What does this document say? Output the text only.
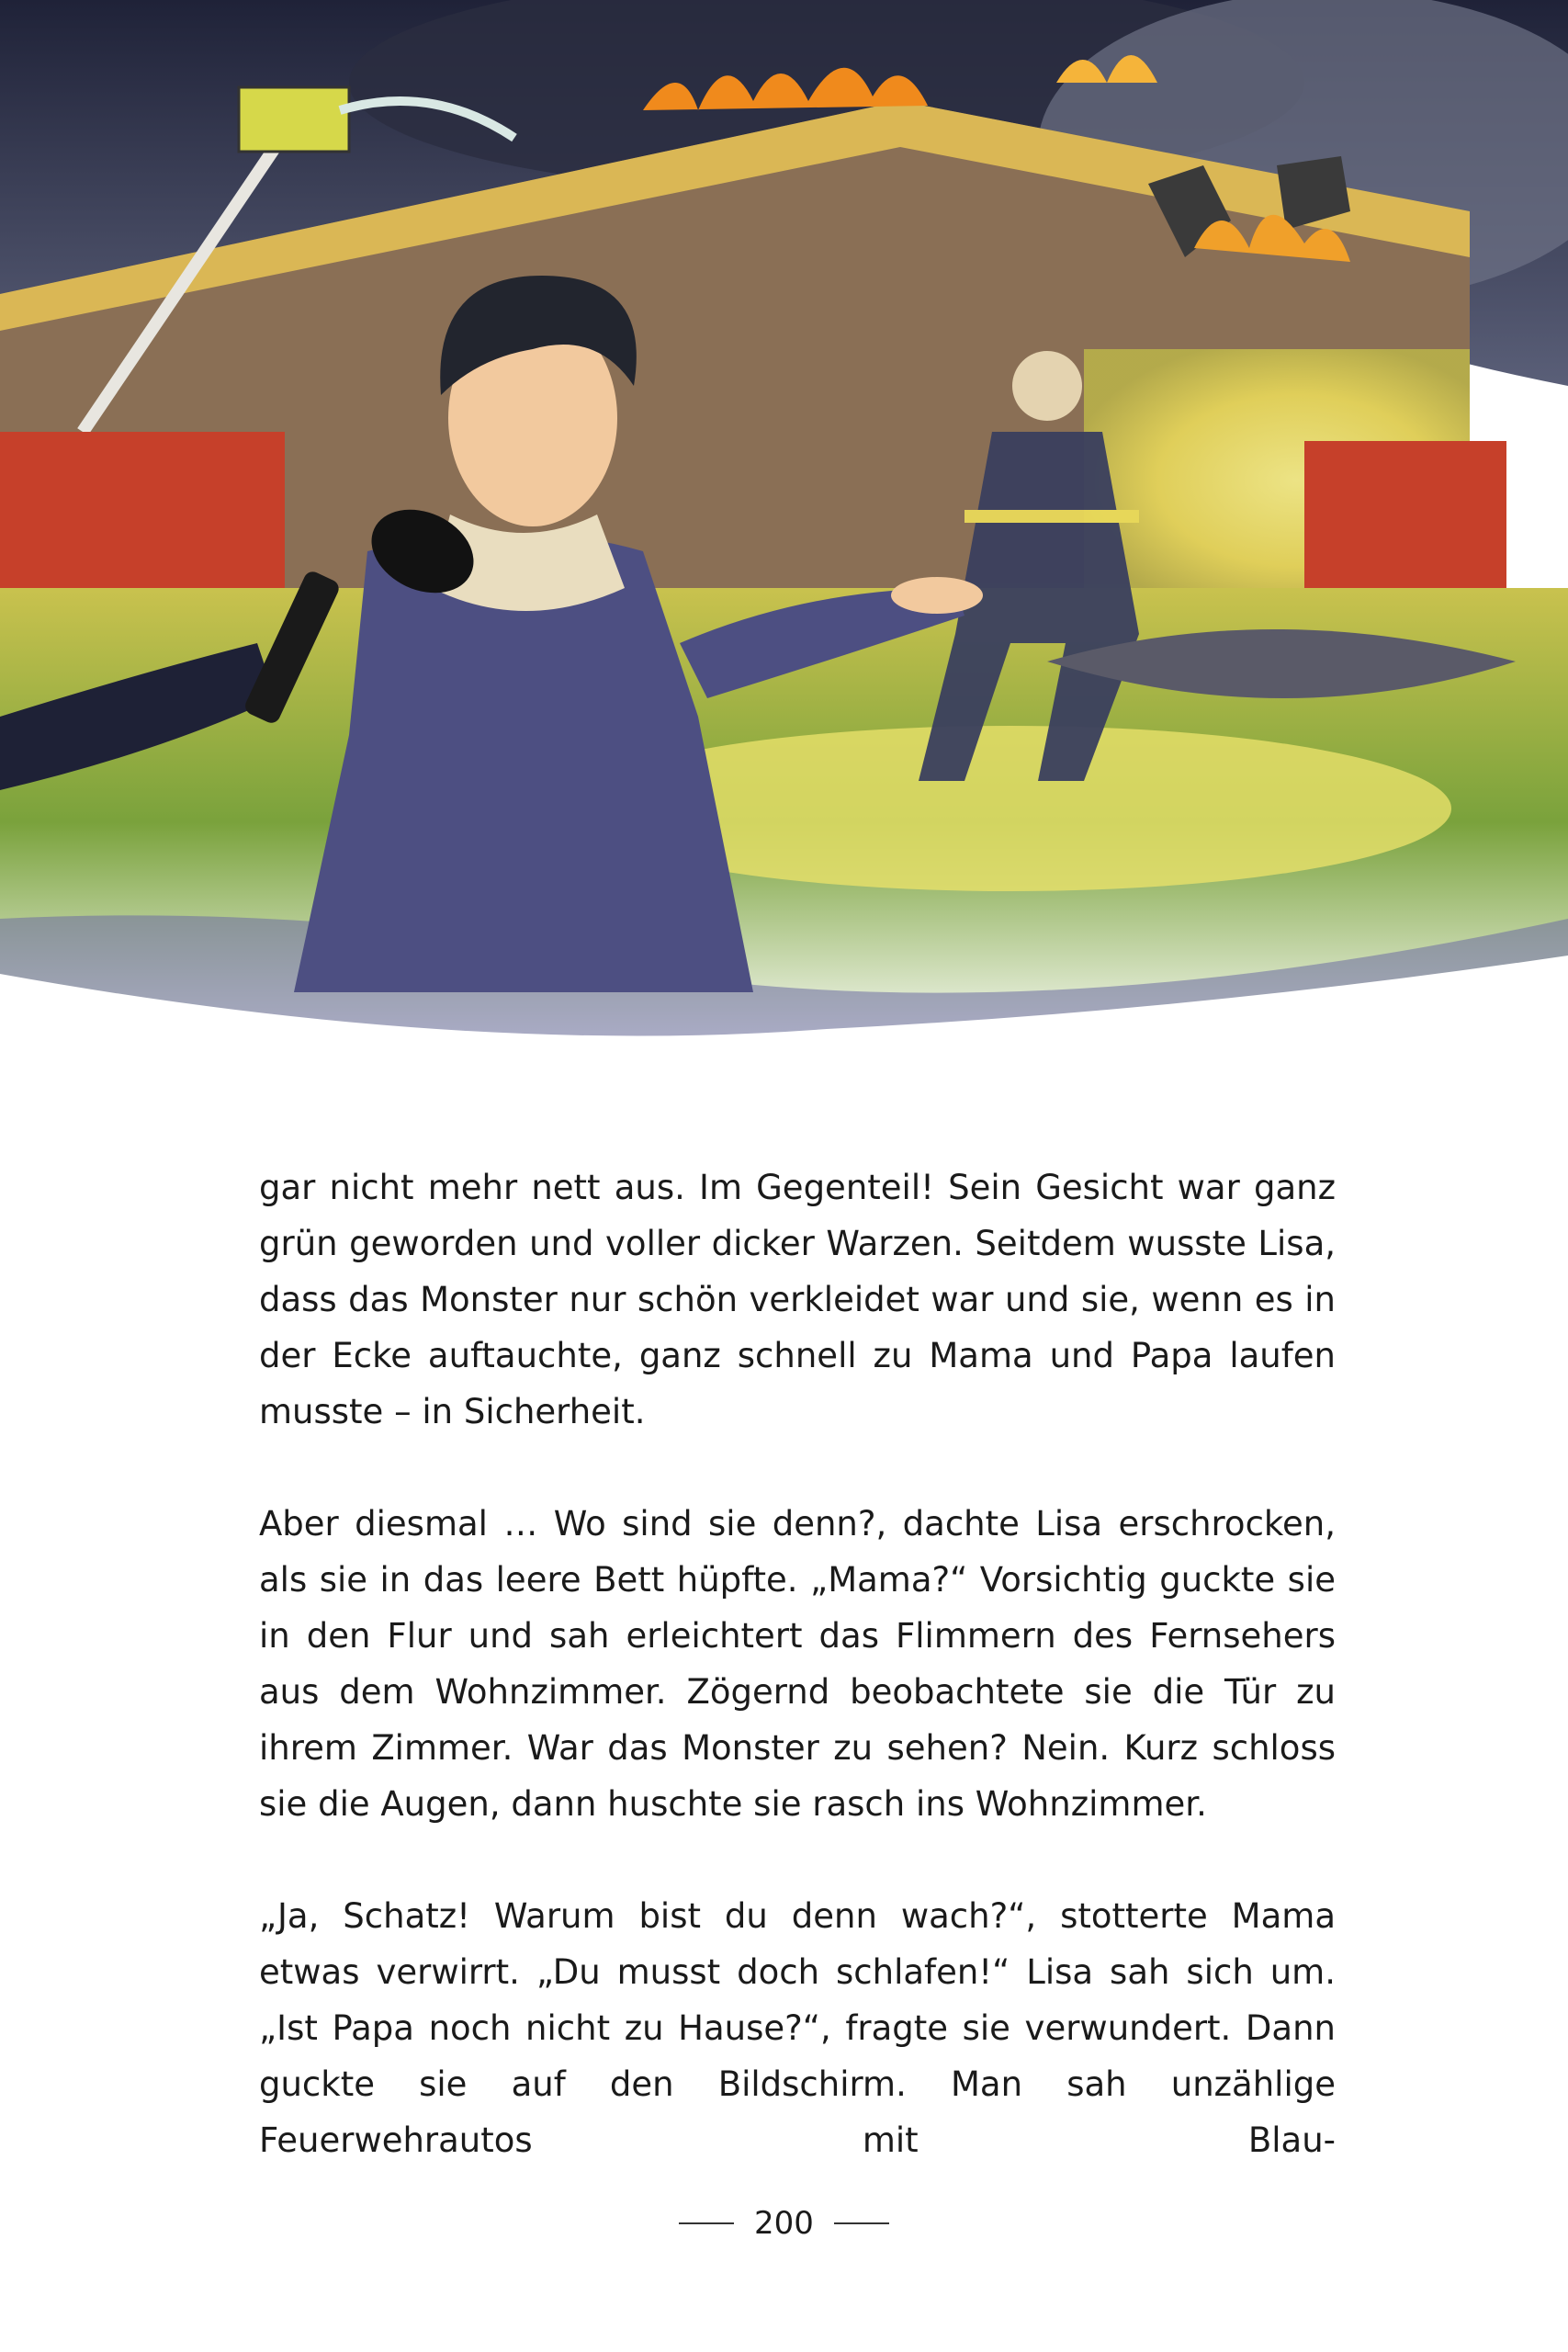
gar nicht mehr nett aus. Im Gegenteil! Sein Gesicht war ganz grün geworden und voller dicker Warzen. Seitdem wusste Lisa, dass das Monster nur schön verkleidet war und sie, wenn es in der Ecke auftauchte, ganz schnell zu Mama und Papa laufen musste – in Sicherheit.

Aber diesmal … Wo sind sie denn?, dachte Lisa erschrocken, als sie in das leere Bett hüpfte. „Mama?“ Vorsichtig guckte sie in den Flur und sah erleichtert das Flimmern des Fernsehers aus dem Wohnzimmer. Zögernd beobachtete sie die Tür zu ihrem Zimmer. War das Monster zu sehen? Nein. Kurz schloss sie die Augen, dann huschte sie rasch ins Wohnzimmer.

„Ja, Schatz! Warum bist du denn wach?“, stotterte Mama etwas verwirrt. „Du musst doch schlafen!“ Lisa sah sich um. „Ist Papa noch nicht zu Hause?“, fragte sie verwundert. Dann guckte sie auf den Bildschirm. Man sah unzählige Feuerwehrautos mit Blau-

200
